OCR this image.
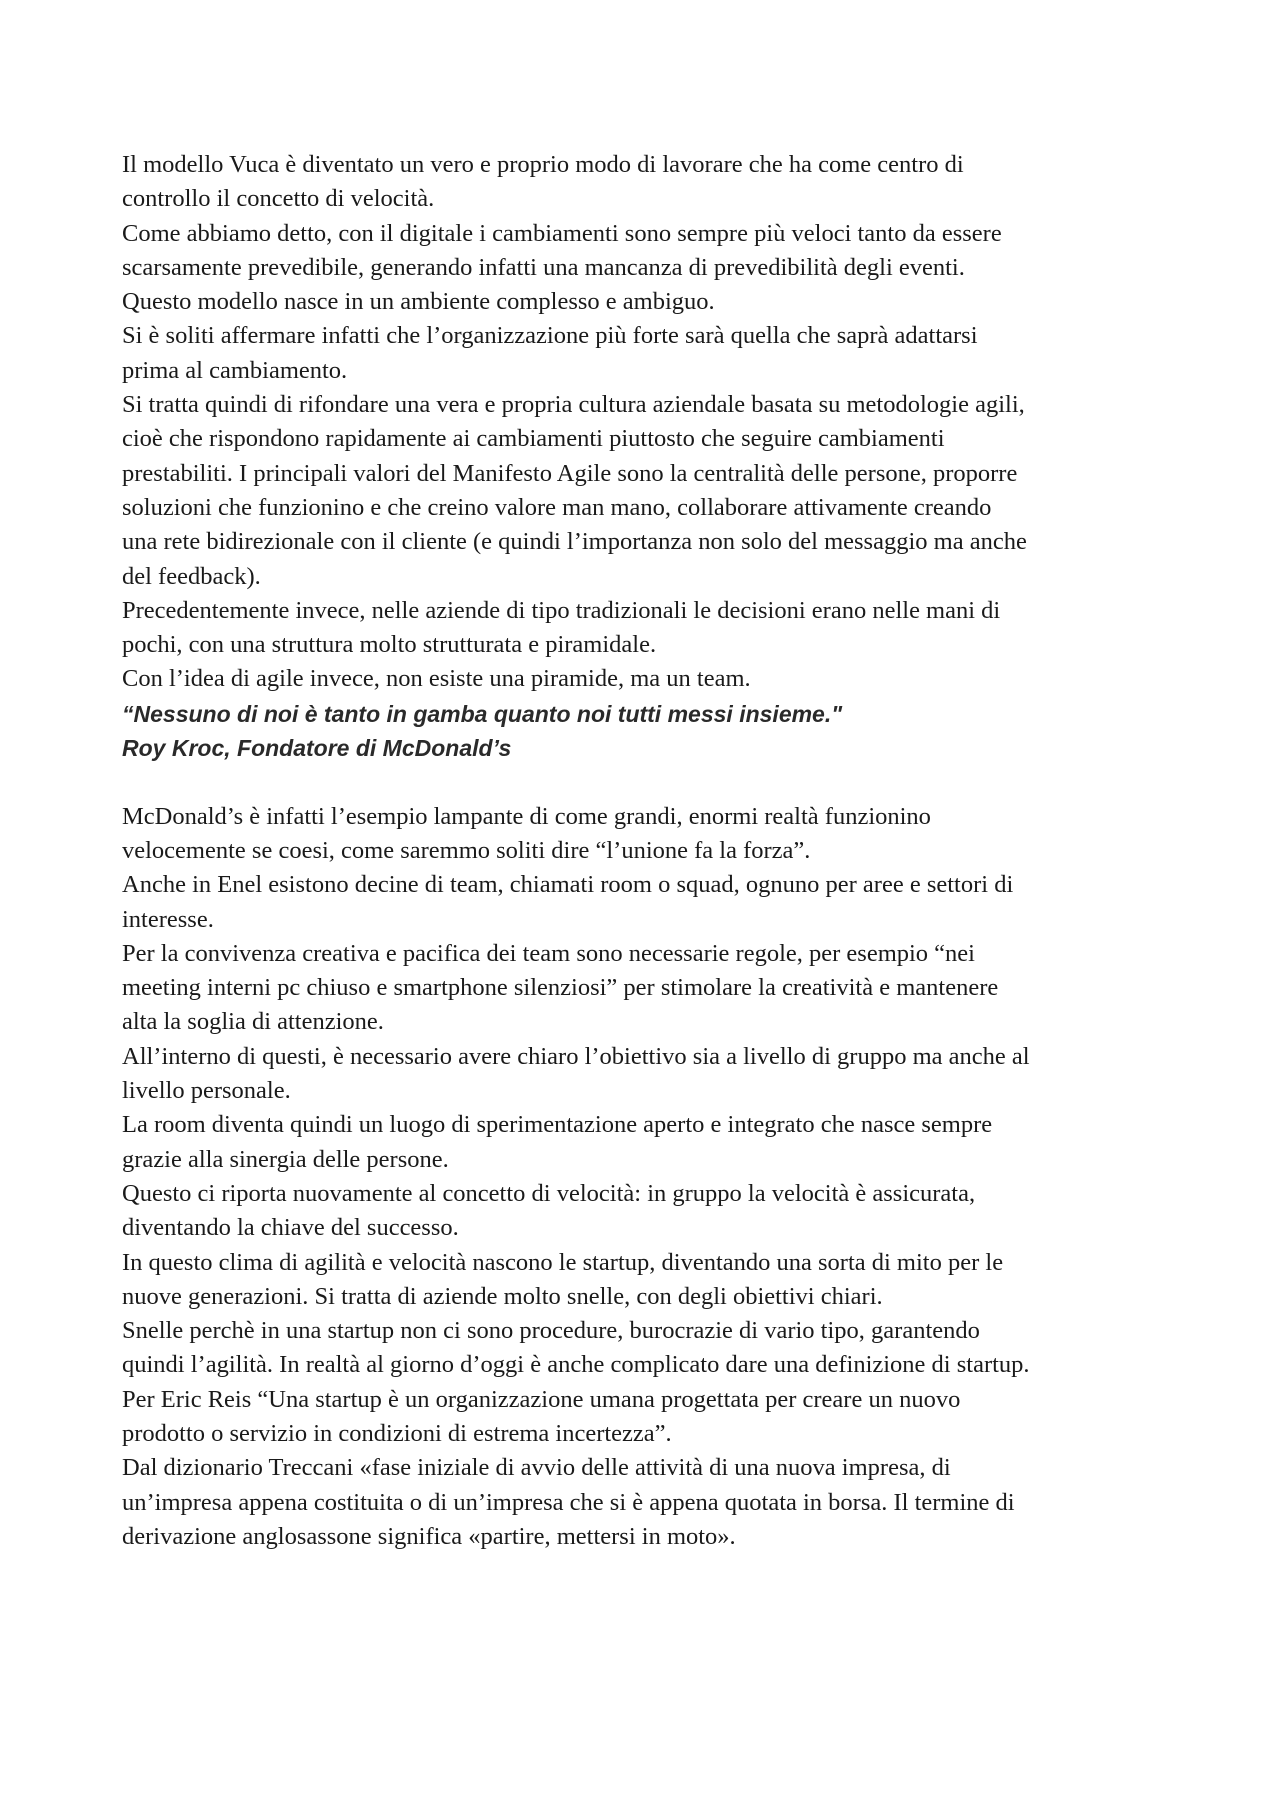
Il modello Vuca è diventato un vero e proprio modo di lavorare che ha come centro di
controllo il concetto di velocità.
Come abbiamo detto, con il digitale i cambiamenti sono sempre più veloci tanto da essere
scarsamente prevedibile, generando infatti una mancanza di prevedibilità degli eventi.
Questo modello nasce in un ambiente complesso e ambiguo.
Si è soliti affermare infatti che l’organizzazione più forte sarà quella che saprà adattarsi
prima al cambiamento.
Si tratta quindi di rifondare una vera e propria cultura aziendale basata su metodologie agili,
cioè che rispondono rapidamente ai cambiamenti piuttosto che seguire cambiamenti
prestabiliti. I principali valori del Manifesto Agile sono la centralità delle persone, proporre
soluzioni che funzionino e che creino valore man mano, collaborare attivamente creando
una rete bidirezionale con il cliente (e quindi l’importanza non solo del messaggio ma anche
del feedback).
Precedentemente invece, nelle aziende di tipo tradizionali le decisioni erano nelle mani di
pochi, con una struttura molto strutturata e piramidale.
Con l’idea di agile invece, non esiste una piramide, ma un team.
“Nessuno di noi è tanto in gamba quanto noi tutti messi insieme."
Roy Kroc, Fondatore di McDonald’s
McDonald’s è infatti l’esempio lampante di come grandi, enormi realtà funzionino
velocemente se coesi, come saremmo soliti dire “l’unione fa la forza”.
Anche in Enel esistono decine di team, chiamati room o squad, ognuno per aree e settori di
interesse.
Per la convivenza creativa e pacifica dei team sono necessarie regole, per esempio “nei
meeting interni pc chiuso e smartphone silenziosi” per stimolare la creatività e mantenere
alta la soglia di attenzione.
All’interno di questi, è necessario avere chiaro l’obiettivo sia a livello di gruppo ma anche al
livello personale.
La room diventa quindi un luogo di sperimentazione aperto e integrato che nasce sempre
grazie alla sinergia delle persone.
Questo ci riporta nuovamente al concetto di velocità: in gruppo la velocità è assicurata,
diventando la chiave del successo.
In questo clima di agilità e velocità nascono le startup, diventando una sorta di mito per le
nuove generazioni. Si tratta di aziende molto snelle, con degli obiettivi chiari.
Snelle perchè in una startup non ci sono procedure, burocrazie di vario tipo, garantendo
quindi l’agilità. In realtà al giorno d’oggi è anche complicato dare una definizione di startup.
Per Eric Reis “Una startup è un organizzazione umana progettata per creare un nuovo
prodotto o servizio in condizioni di estrema incertezza”.
Dal dizionario Treccani «fase iniziale di avvio delle attività di una nuova impresa, di
un’impresa appena costituita o di un’impresa che si è appena quotata in borsa. Il termine di
derivazione anglosassone significa «partire, mettersi in moto».
